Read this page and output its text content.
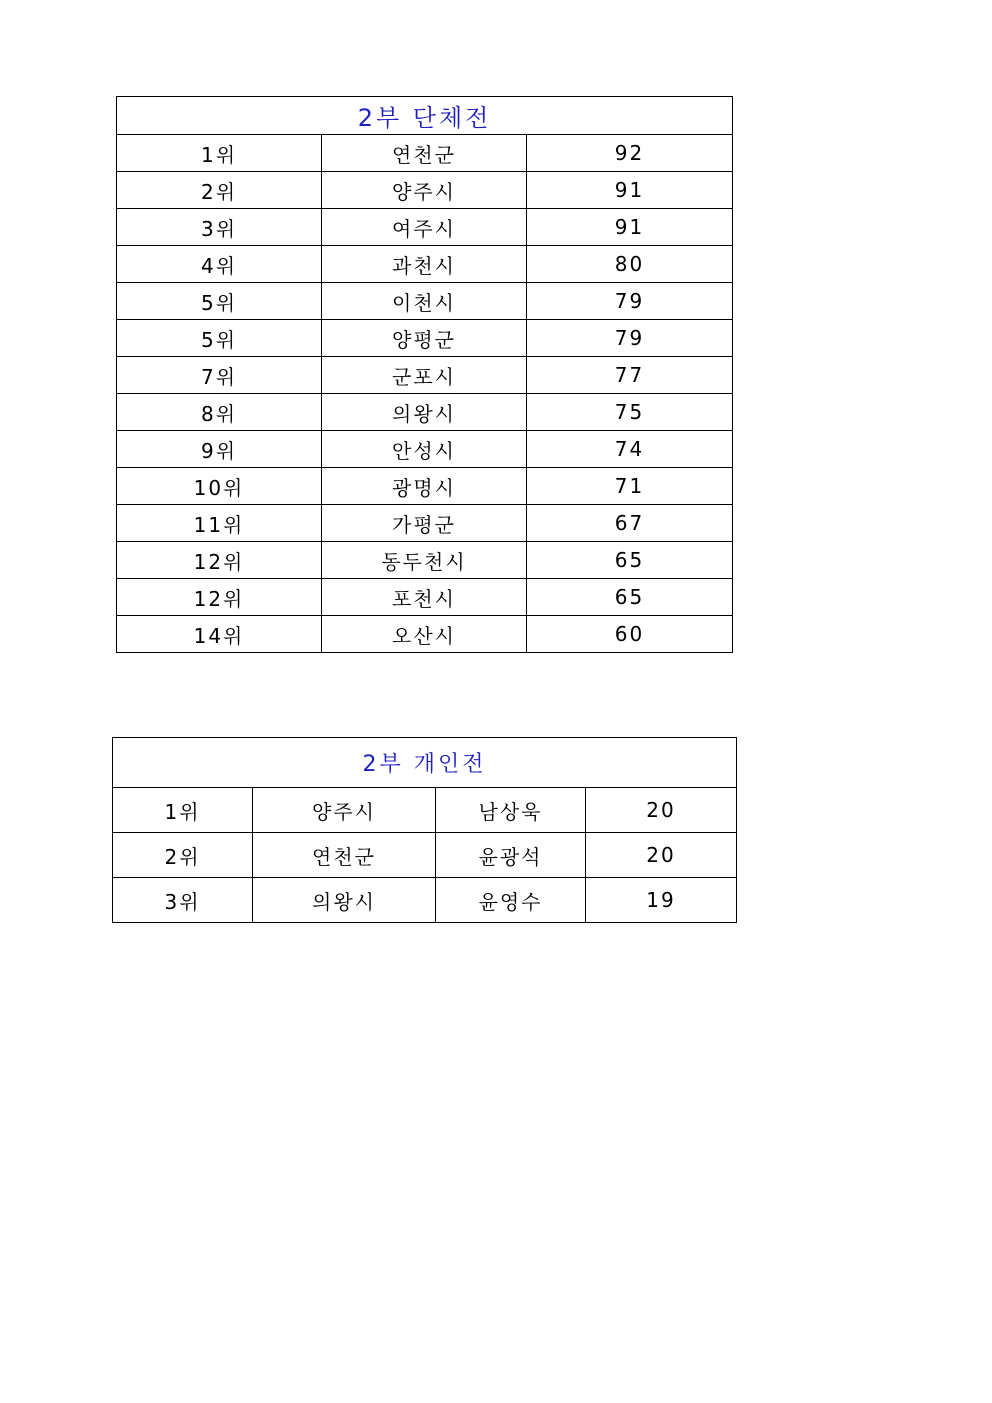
2부 단체전		
1위	연천군	92
2위	양주시	91
3위	여주시	91
4위	과천시	80
5위	이천시	79
5위	양평군	79
7위	군포시	77
8위	의왕시	75
9위	안성시	74
10위	광명시	71
11위	가평군	67
12위	동두천시	65
12위	포천시	65
14위	오산시	60
2부 개인전			
1위	양주시	남상욱	20
2위	연천군	윤광석	20
3위	의왕시	윤영수	19
